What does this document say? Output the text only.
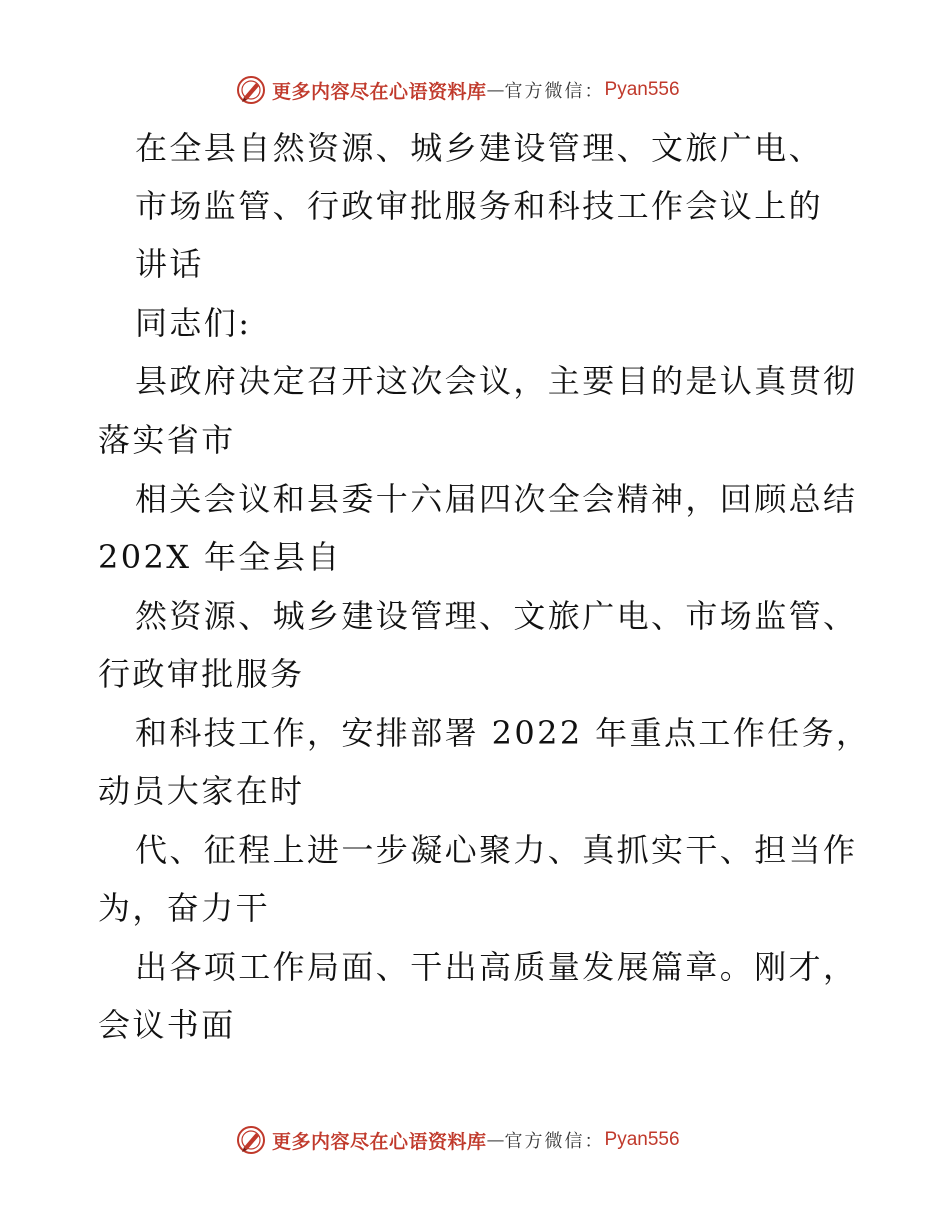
更多内容尽在心语资料库 — 官方微信： Pyan556
在全县自然资源、城乡建设管理、文旅广电、
市场监管、行政审批服务和科技工作会议上的
讲话
同志们:
县政府决定召开这次会议，主要目的是认真贯彻
落实省市
相关会议和县委十六届四次全会精神，回顾总结
202X 年全县自
然资源、城乡建设管理、文旅广电、市场监管、
行政审批服务
和科技工作，安排部署 2022 年重点工作任务，
动员大家在时
代、征程上进一步凝心聚力、真抓实干、担当作
为，奋力干
出各项工作局面、干出高质量发展篇章。刚才，
会议书面
更多内容尽在心语资料库 — 官方微信： Pyan556
